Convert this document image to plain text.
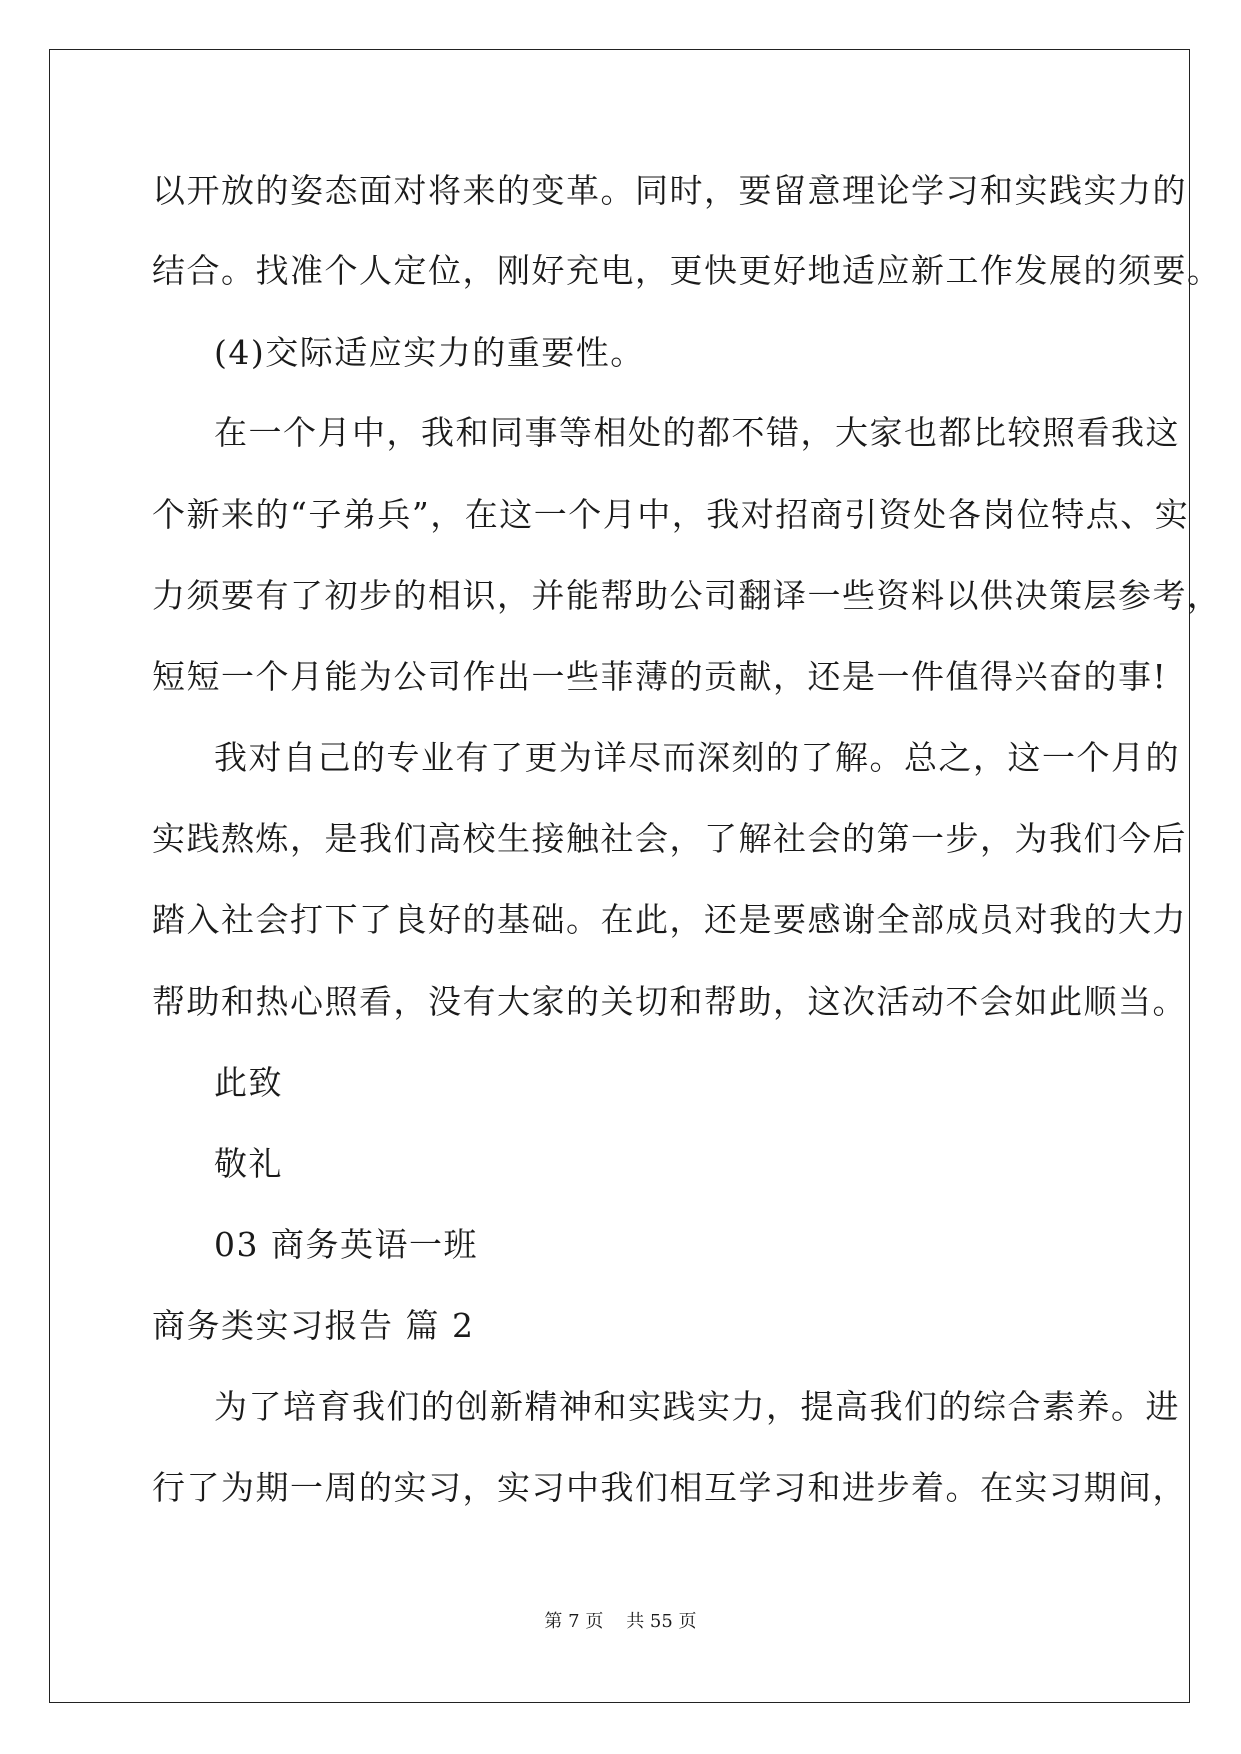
以开放的姿态面对将来的变革。同时，要留意理论学习和实践实力的
结合。找准个人定位，刚好充电，更快更好地适应新工作发展的须要。
(4)交际适应实力的重要性。
在一个月中，我和同事等相处的都不错，大家也都比较照看我这
个新来的“子弟兵”，在这一个月中，我对招商引资处各岗位特点、实
力须要有了初步的相识，并能帮助公司翻译一些资料以供决策层参考，
短短一个月能为公司作出一些菲薄的贡献，还是一件值得兴奋的事!
我对自己的专业有了更为详尽而深刻的了解。总之，这一个月的
实践熬炼，是我们高校生接触社会，了解社会的第一步，为我们今后
踏入社会打下了良好的基础。在此，还是要感谢全部成员对我的大力
帮助和热心照看，没有大家的关切和帮助，这次活动不会如此顺当。
此致
敬礼
03 商务英语一班
商务类实习报告 篇 2
为了培育我们的创新精神和实践实力，提高我们的综合素养。进
行了为期一周的实习，实习中我们相互学习和进步着。在实习期间，
第 7 页    共 55 页
